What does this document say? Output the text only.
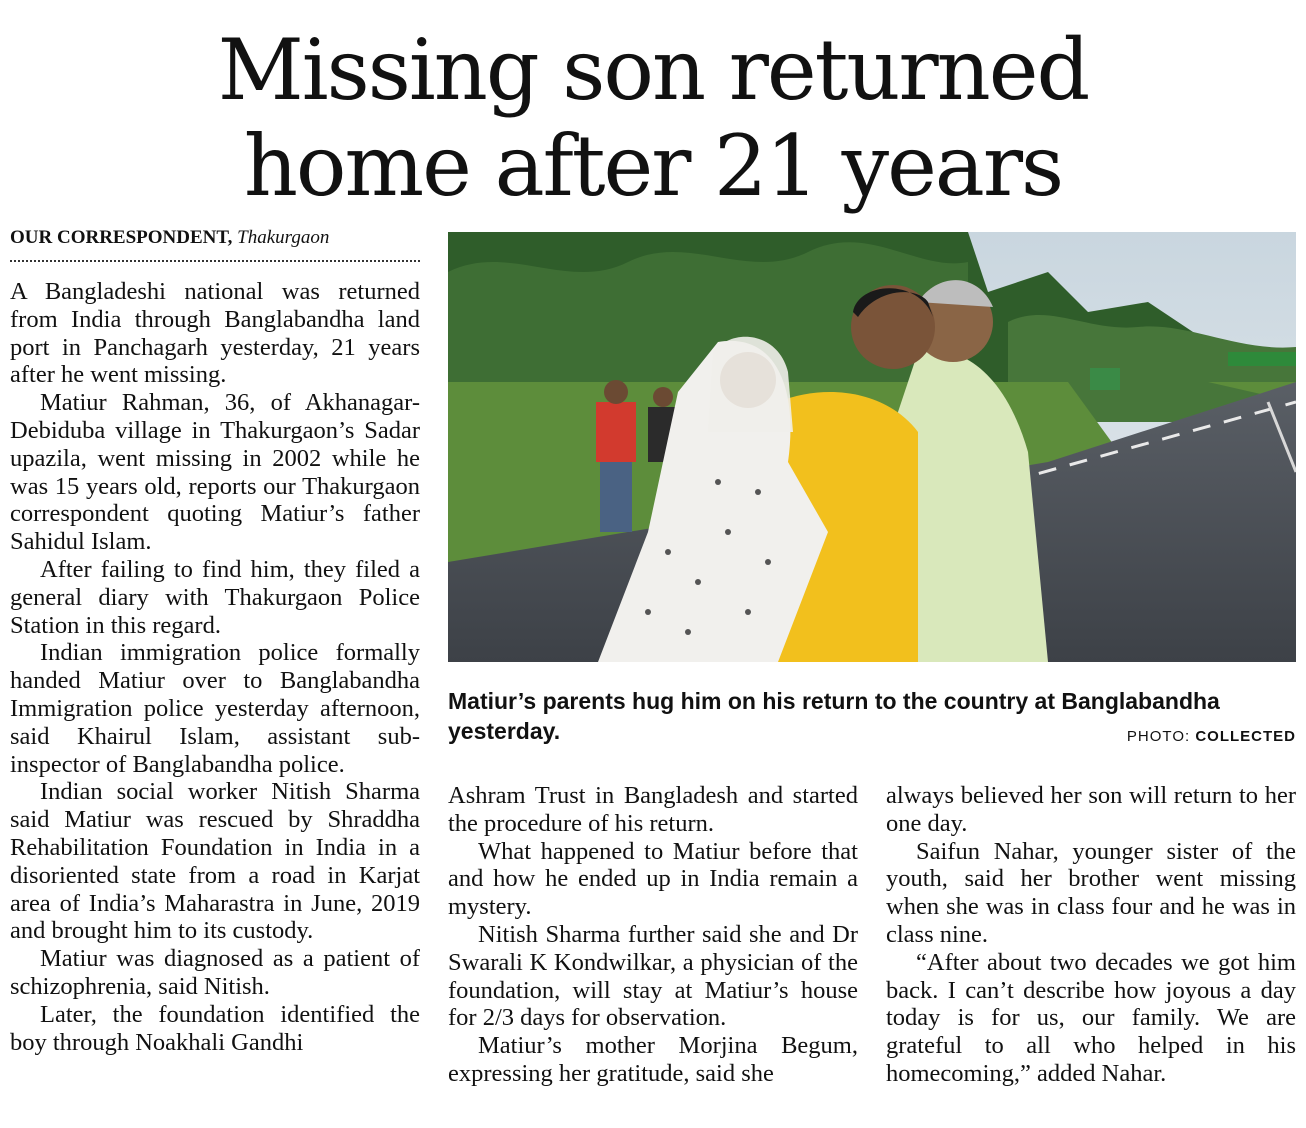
Missing son returned
home after 21 years
OUR CORRESPONDENT, Thakurgaon

A Bangladeshi national was returned from India through Banglabandha land port in Panchagarh yesterday, 21 years after he went missing.

Matiur Rahman, 36, of Akhanagar-Debiduba village in Thakurgaon’s Sadar upazila, went missing in 2002 while he was 15 years old, reports our Thakurgaon correspondent quoting Matiur’s father Sahidul Islam.

After failing to find him, they filed a general diary with Thakurgaon Police Station in this regard.

Indian immigration police formally handed Matiur over to Banglabandha Immigration police yesterday afternoon, said Khairul Islam, assistant sub-inspector of Banglabandha police.

Indian social worker Nitish Sharma said Matiur was rescued by Shraddha Rehabilitation Foundation in India in a disoriented state from a road in Karjat area of India’s Maharastra in June, 2019 and brought him to its custody.

Matiur was diagnosed as a patient of schizophrenia, said Nitish.

Later, the foundation identified the boy through Noakhali Gandhi

Matiur’s parents hug him on his return to the country at Banglabandha yesterday.	PHOTO: COLLECTED

Ashram Trust in Bangladesh and started the procedure of his return.

What happened to Matiur before that and how he ended up in India remain a mystery.

Nitish Sharma further said she and Dr Swarali K Kondwilkar, a physician of the foundation, will stay at Matiur’s house for 2/3 days for observation.

Matiur’s mother Morjina Begum, expressing her gratitude, said she

always believed her son will return to her one day.

Saifun Nahar, younger sister of the youth, said her brother went missing when she was in class four and he was in class nine.

“After about two decades we got him back. I can’t describe how joyous a day today is for us, our family. We are grateful to all who helped in his homecoming,” added Nahar.
